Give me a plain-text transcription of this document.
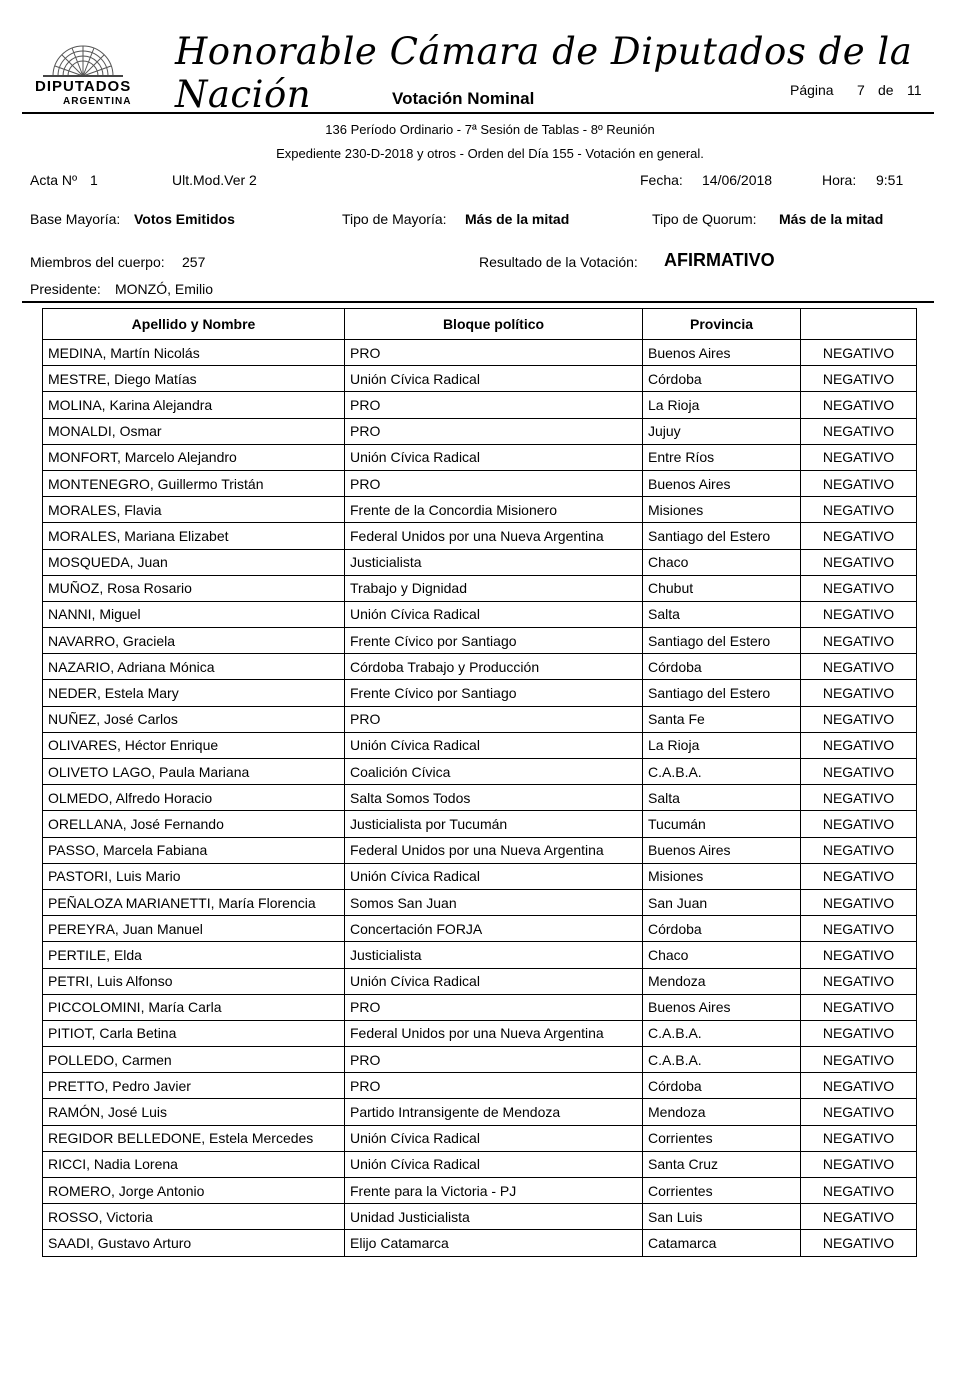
DIPUTADOS
ARGENTINA
Honorable Cámara de Diputados de la Nación	Página 7 de 11
Votación Nominal
136 Período Ordinario - 7ª Sesión de Tablas - 8º Reunión
Expediente 230-D-2018 y otros - Orden del Día 155 - Votación en general.
Acta Nº 1	Ult.Mod.Ver 2	Fecha: 14/06/2018	Hora: 9:51
Base Mayoría: Votos Emitidos	Tipo de Mayoría: Más de la mitad	Tipo de Quorum: Más de la mitad
Miembros del cuerpo: 257	Resultado de la Votación: AFIRMATIVO
Presidente: MONZÓ, Emilio
Apellido y Nombre	Bloque político	Provincia	
MEDINA, Martín Nicolás	PRO	Buenos Aires	NEGATIVO
MESTRE, Diego Matías	Unión Cívica Radical	Córdoba	NEGATIVO
MOLINA, Karina Alejandra	PRO	La Rioja	NEGATIVO
MONALDI, Osmar	PRO	Jujuy	NEGATIVO
MONFORT, Marcelo Alejandro	Unión Cívica Radical	Entre Ríos	NEGATIVO
MONTENEGRO, Guillermo Tristán	PRO	Buenos Aires	NEGATIVO
MORALES, Flavia	Frente de la Concordia Misionero	Misiones	NEGATIVO
MORALES, Mariana Elizabet	Federal Unidos por una Nueva Argentina	Santiago del Estero	NEGATIVO
MOSQUEDA, Juan	Justicialista	Chaco	NEGATIVO
MUÑOZ, Rosa Rosario	Trabajo y Dignidad	Chubut	NEGATIVO
NANNI, Miguel	Unión Cívica Radical	Salta	NEGATIVO
NAVARRO, Graciela	Frente Cívico por Santiago	Santiago del Estero	NEGATIVO
NAZARIO, Adriana Mónica	Córdoba Trabajo y Producción	Córdoba	NEGATIVO
NEDER, Estela Mary	Frente Cívico por Santiago	Santiago del Estero	NEGATIVO
NUÑEZ, José Carlos	PRO	Santa Fe	NEGATIVO
OLIVARES, Héctor Enrique	Unión Cívica Radical	La Rioja	NEGATIVO
OLIVETO LAGO, Paula Mariana	Coalición Cívica	C.A.B.A.	NEGATIVO
OLMEDO, Alfredo Horacio	Salta Somos Todos	Salta	NEGATIVO
ORELLANA, José Fernando	Justicialista por Tucumán	Tucumán	NEGATIVO
PASSO, Marcela Fabiana	Federal Unidos por una Nueva Argentina	Buenos Aires	NEGATIVO
PASTORI, Luis Mario	Unión Cívica Radical	Misiones	NEGATIVO
PEÑALOZA MARIANETTI, María Florencia	Somos San Juan	San Juan	NEGATIVO
PEREYRA, Juan Manuel	Concertación FORJA	Córdoba	NEGATIVO
PERTILE, Elda	Justicialista	Chaco	NEGATIVO
PETRI, Luis Alfonso	Unión Cívica Radical	Mendoza	NEGATIVO
PICCOLOMINI, María Carla	PRO	Buenos Aires	NEGATIVO
PITIOT, Carla Betina	Federal Unidos por una Nueva Argentina	C.A.B.A.	NEGATIVO
POLLEDO, Carmen	PRO	C.A.B.A.	NEGATIVO
PRETTO, Pedro Javier	PRO	Córdoba	NEGATIVO
RAMÓN, José Luis	Partido Intransigente de Mendoza	Mendoza	NEGATIVO
REGIDOR BELLEDONE, Estela Mercedes	Unión Cívica Radical	Corrientes	NEGATIVO
RICCI, Nadia Lorena	Unión Cívica Radical	Santa Cruz	NEGATIVO
ROMERO, Jorge Antonio	Frente para la Victoria - PJ	Corrientes	NEGATIVO
ROSSO, Victoria	Unidad Justicialista	San Luis	NEGATIVO
SAADI, Gustavo Arturo	Elijo Catamarca	Catamarca	NEGATIVO
